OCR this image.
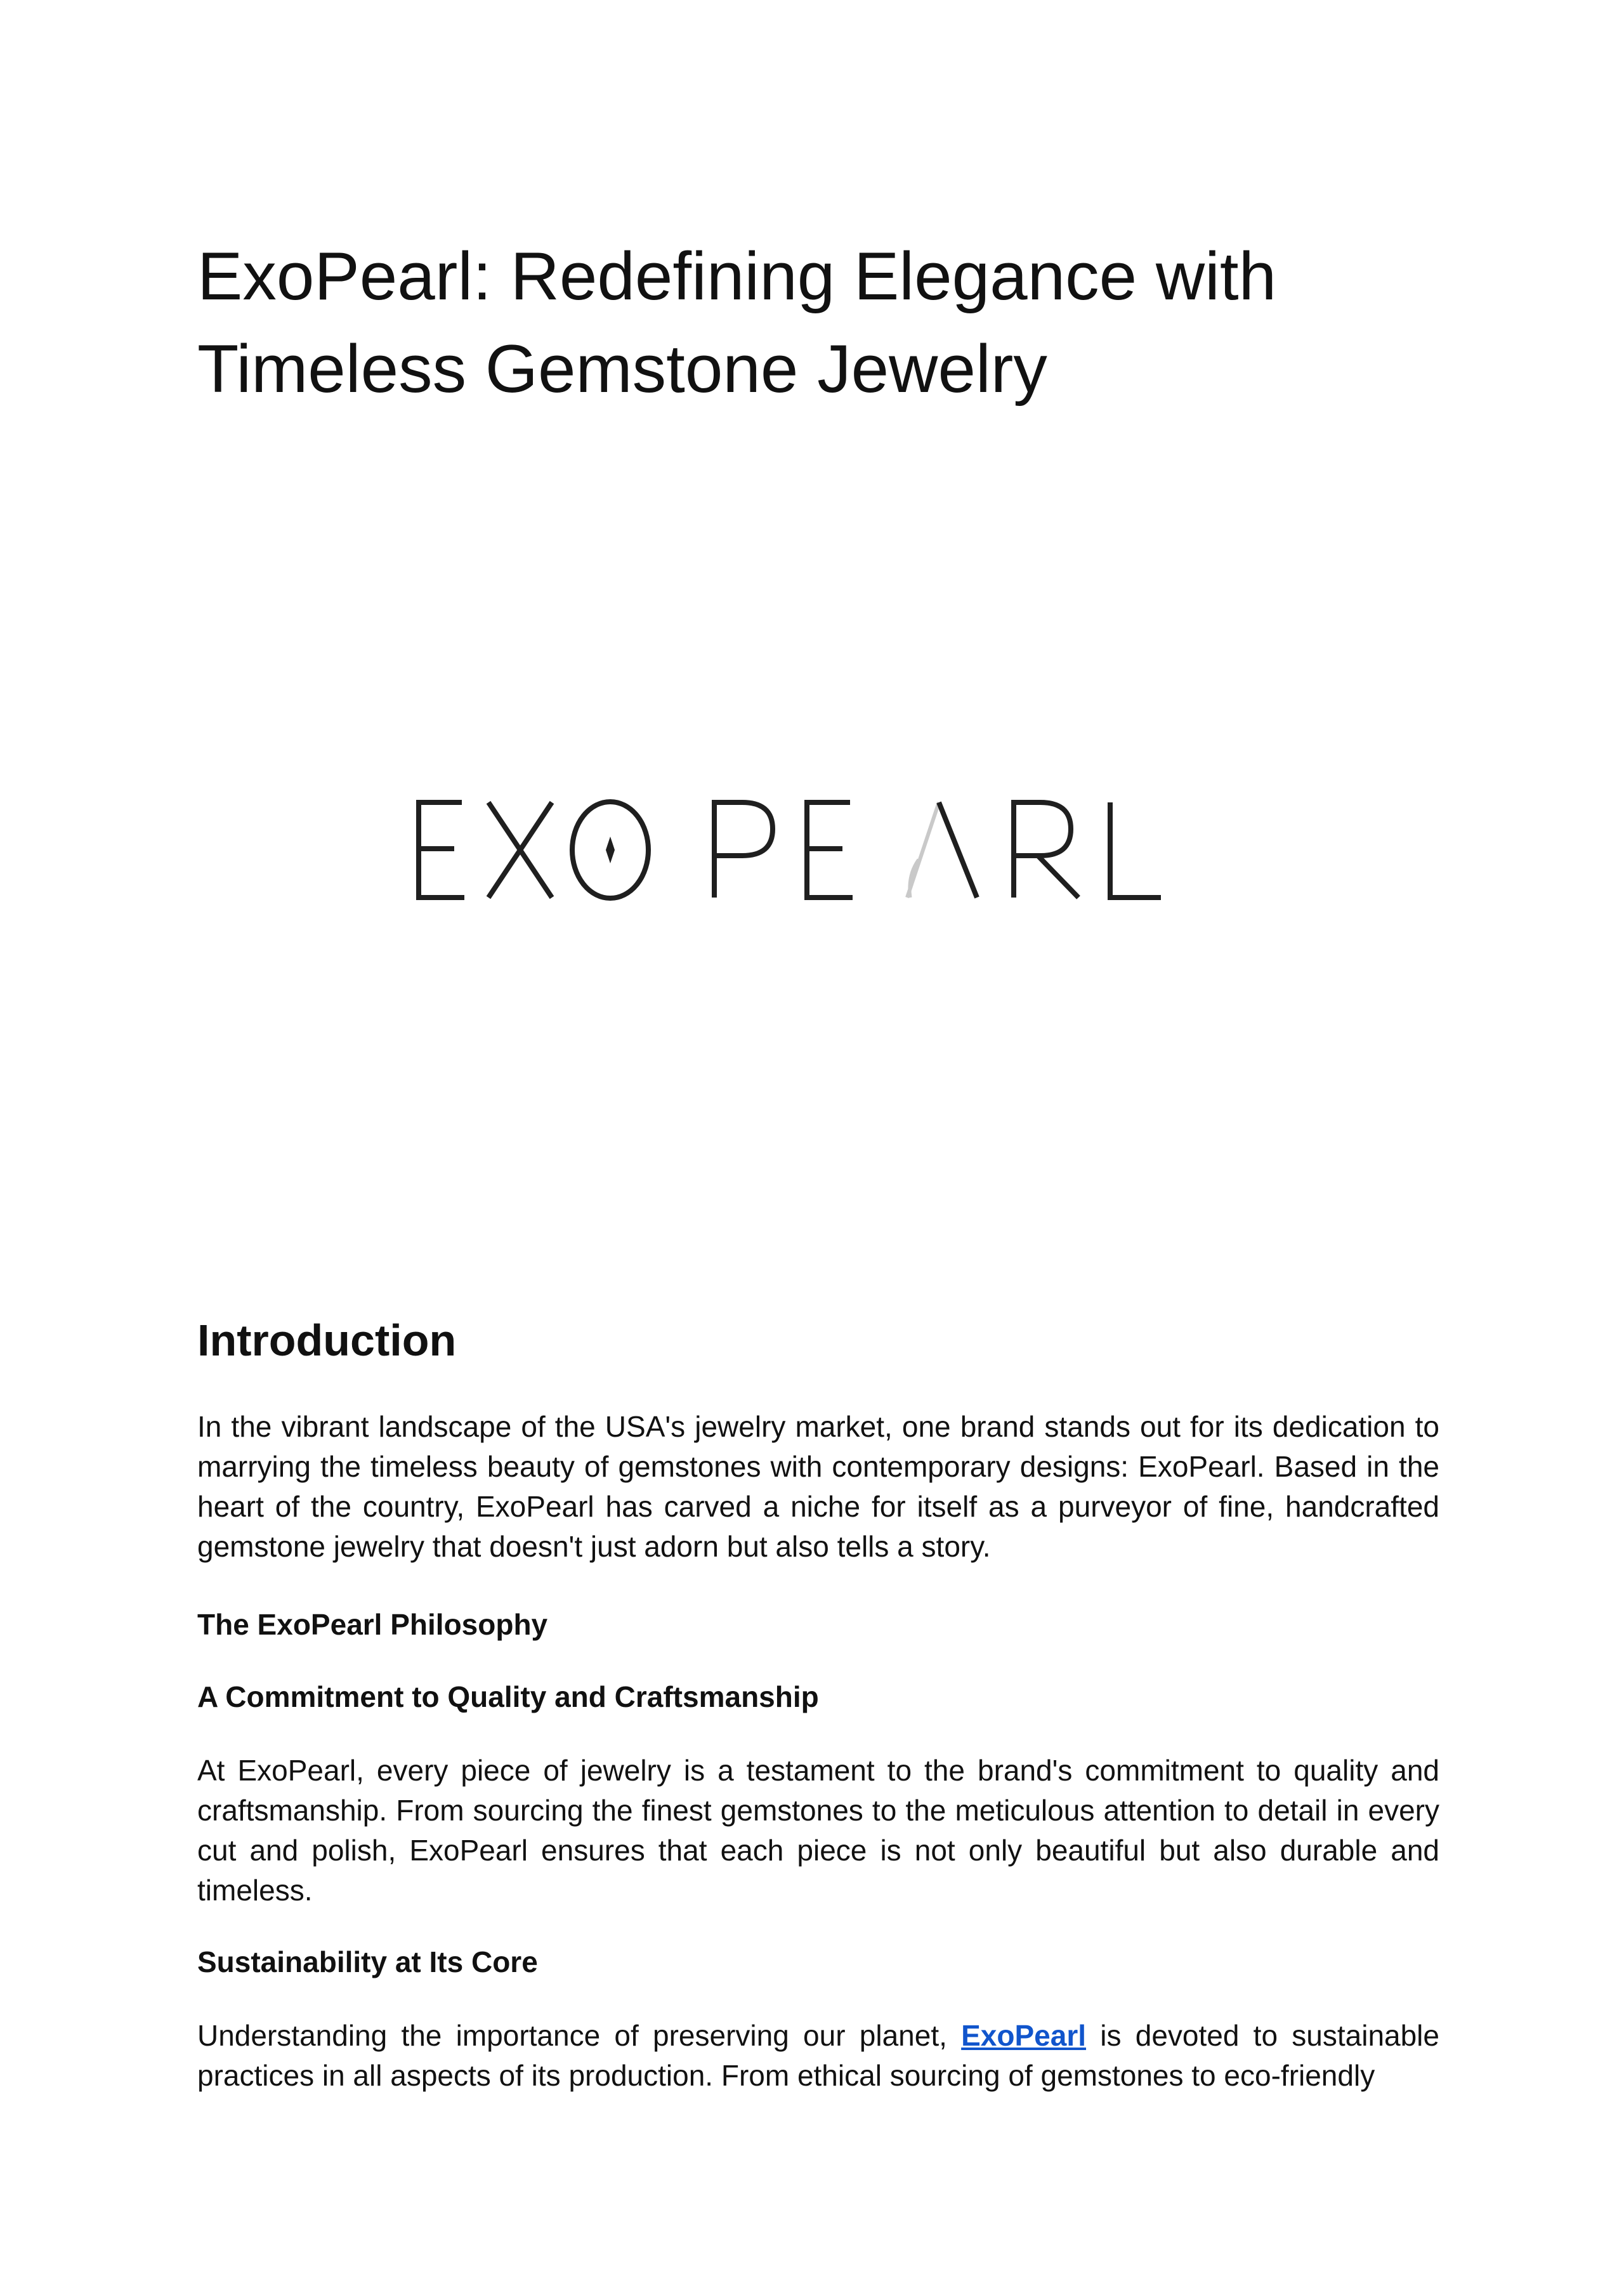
ExoPearl: Redefining Elegance with Timeless Gemstone Jewelry
Introduction

In the vibrant landscape of the USA's jewelry market, one brand stands out for its dedication to marrying the timeless beauty of gemstones with contemporary designs: ExoPearl. Based in the heart of the country, ExoPearl has carved a niche for itself as a purveyor of fine, handcrafted gemstone jewelry that doesn't just adorn but also tells a story.

The ExoPearl Philosophy

A Commitment to Quality and Craftsmanship

At ExoPearl, every piece of jewelry is a testament to the brand's commitment to quality and craftsmanship. From sourcing the finest gemstones to the meticulous attention to detail in every cut and polish, ExoPearl ensures that each piece is not only beautiful but also durable and timeless.

Sustainability at Its Core

Understanding the importance of preserving our planet, ExoPearl is devoted to sustainable practices in all aspects of its production. From ethical sourcing of gemstones to eco-friendly
